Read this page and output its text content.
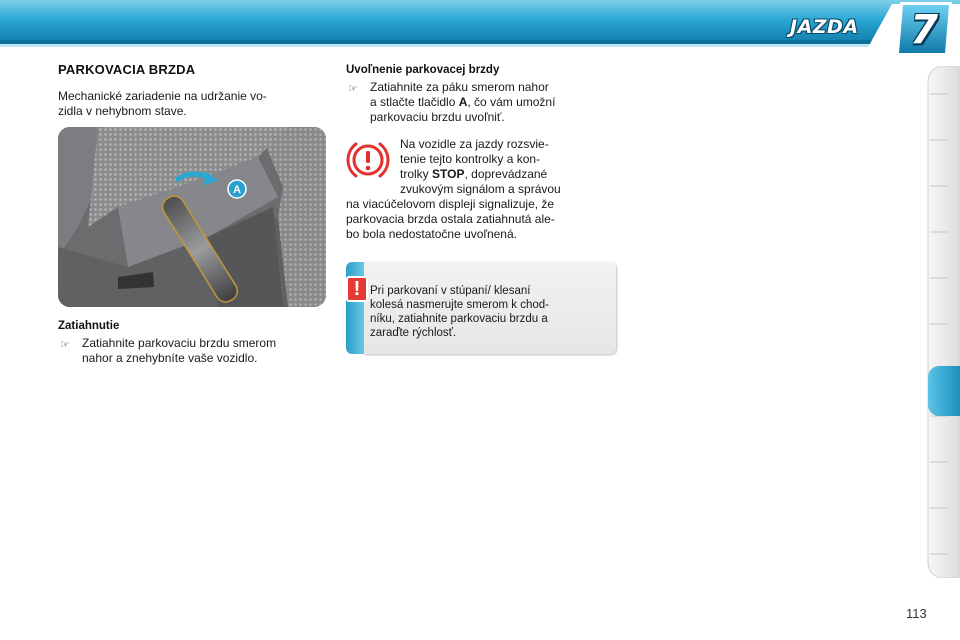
JAZDA	7
PARKOVACIA BRZDA
Mechanické zariadenie na udržanie vo-
zidla v nehybnom stave.
A
Zatiahnutie
☞ Zatiahnite parkovaciu brzdu smerom
nahor a znehybníte vaše vozidlo.
Uvoľnenie parkovacej brzdy
☞ Zatiahnite za páku smerom nahor
a stlačte tlačidlo A, čo vám umožní
parkovaciu brzdu uvoľniť.
Na vozidle za jazdy rozsvie-
tenie tejto kontrolky a kon-
trolky STOP, doprevádzané
zvukovým signálom a správou
na viacúčelovom displeji signalizuje, že
parkovacia brzda ostala zatiahnutá ale-
bo bola nedostatočne uvoľnená.
! Pri parkovaní v stúpaní/ klesaní
kolesá nasmerujte smerom k chod-
níku, zatiahnite parkovaciu brzdu a
zaraďte rýchlosť.
113
